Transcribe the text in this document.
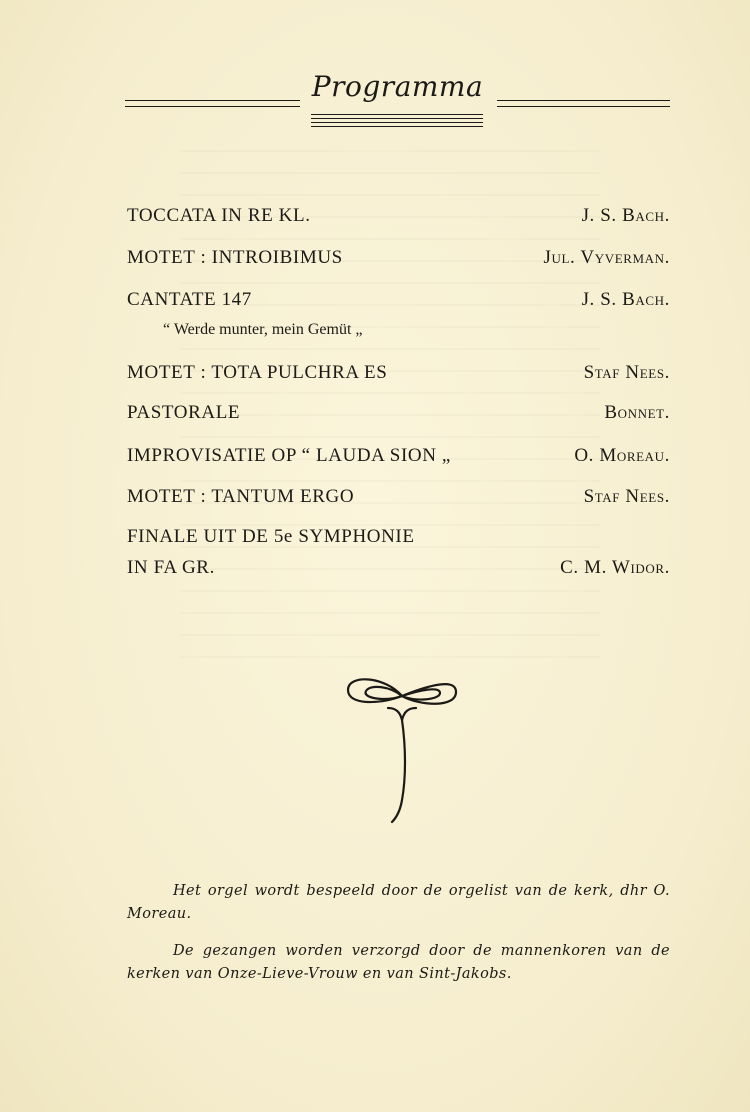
Programma
TOCCATA IN RE KL.	J. S. Bach.
MOTET : INTROIBIMUS	Jul. Vyverman.
CANTATE 147	J. S. Bach.
“ Werde munter, mein Gemüt „
MOTET : TOTA PULCHRA ES	Staf Nees.
PASTORALE	Bonnet.
IMPROVISATIE OP “ LAUDA SION „	O. Moreau.
MOTET : TANTUM ERGO	Staf Nees.
FINALE UIT DE 5e SYMPHONIE
IN FA GR.	C. M. Widor.

Het orgel wordt bespeeld door de orgelist van de kerk, dhr O. Moreau.

De gezangen worden verzorgd door de mannenkoren van de kerken van Onze-Lieve-Vrouw en van Sint-Jakobs.
